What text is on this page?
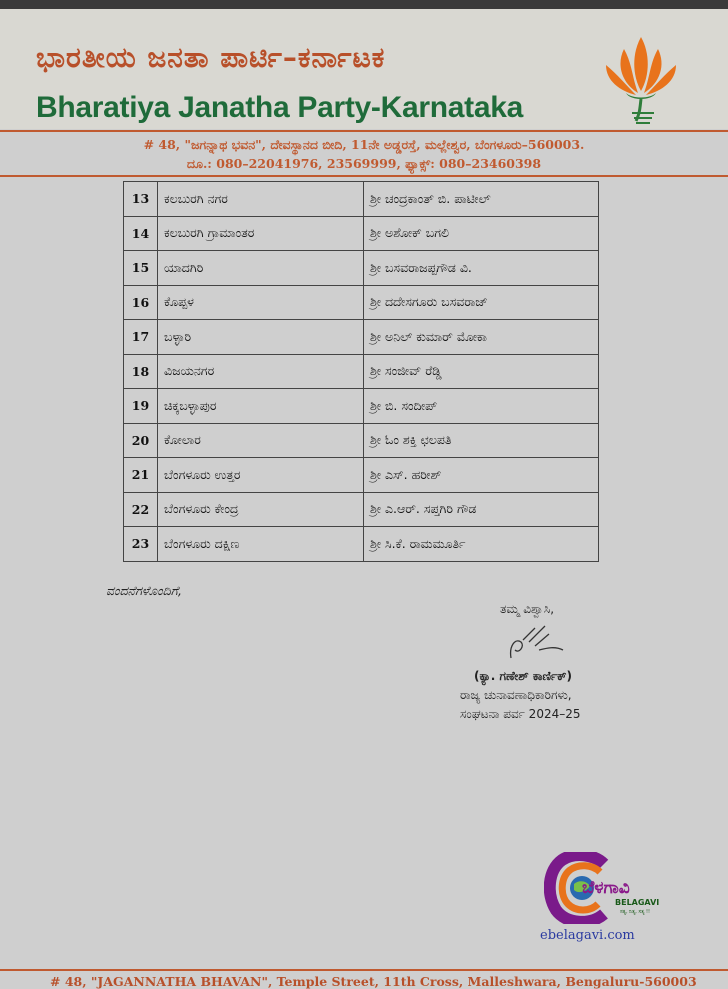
ಭಾರತೀಯ ಜನತಾ ಪಾರ್ಟಿ–ಕರ್ನಾಟಕ
Bharatiya Janatha Party-Karnataka
# 48, "ಜಗನ್ನಾಥ ಭವನ", ದೇವಸ್ಥಾನದ ಬೀದಿ, 11ನೇ ಅಡ್ಡರಸ್ತೆ, ಮಲ್ಲೇಶ್ವರ, ಬೆಂಗಳೂರು–560003.
ದೂ.: 080–22041976, 23569999, ಫ್ಯಾಕ್ಸ್: 080–23460398
13	ಕಲಬುರಗಿ ನಗರ	ಶ್ರೀ ಚಂದ್ರಕಾಂತ್ ಬಿ. ಪಾಟೀಲ್
14	ಕಲಬುರಗಿ ಗ್ರಾಮಾಂತರ	ಶ್ರೀ ಅಶೋಕ್ ಬಗಲಿ
15	ಯಾದಗಿರಿ	ಶ್ರೀ ಬಸವರಾಜಪ್ಪಗೌಡ ವಿ.
16	ಕೊಪ್ಪಳ	ಶ್ರೀ ದದೇಸಗೂರು ಬಸವರಾಜ್
17	ಬಳ್ಳಾರಿ	ಶ್ರೀ ಅನಿಲ್ ಕುಮಾರ್ ಮೋಕಾ
18	ವಿಜಯನಗರ	ಶ್ರೀ ಸಂಜೀವ್ ರೆಡ್ಡಿ
19	ಚಿಕ್ಕಬಳ್ಳಾಪುರ	ಶ್ರೀ ಬಿ. ಸಂದೀಪ್
20	ಕೋಲಾರ	ಶ್ರೀ ಓಂ ಶಕ್ತಿ ಛಲಪತಿ
21	ಬೆಂಗಳೂರು ಉತ್ತರ	ಶ್ರೀ ಎಸ್. ಹರೀಶ್
22	ಬೆಂಗಳೂರು ಕೇಂದ್ರ	ಶ್ರೀ ಎ.ಆರ್. ಸಪ್ತಗಿರಿ ಗೌಡ
23	ಬೆಂಗಳೂರು ದಕ್ಷಿಣ	ಶ್ರೀ ಸಿ.ಕೆ. ರಾಮಮೂರ್ತಿ
ವಂದನೆಗಳೊಂದಿಗೆ,
ತಮ್ಮ ವಿಶ್ವಾಸಿ,
(ಕ್ಯಾ. ಗಣೇಶ್ ಕಾರ್ಣಿಕ್)
ರಾಜ್ಯ ಚುನಾವಣಾಧಿಕಾರಿಗಳು,
ಸಂಘಟನಾ ಪರ್ವ 2024–25
ಬೆಳಗಾವಿ
BELAGAVI
ಸತ್ಯ, ನಿತ್ಯ, ಸತ್ಯ !!
ebelagavi.com
# 48, "JAGANNATHA BHAVAN", Temple Street, 11th Cross, Malleshwara, Bengaluru-560003
